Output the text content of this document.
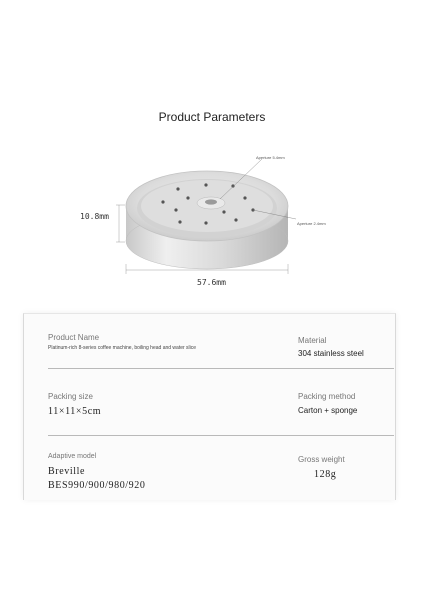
Product Parameters
Aperture 5.4mm
Aperture 2.4mm
10.8mm
57.6mm
Product Name
Platinum-rich 8-series coffee machine, boiling head and water slice
Material
304 stainless steel
Packing size
11×11×5cm
Packing method
Carton + sponge
Adaptive model
Breville
BES990/900/980/920
Gross weight
128g
